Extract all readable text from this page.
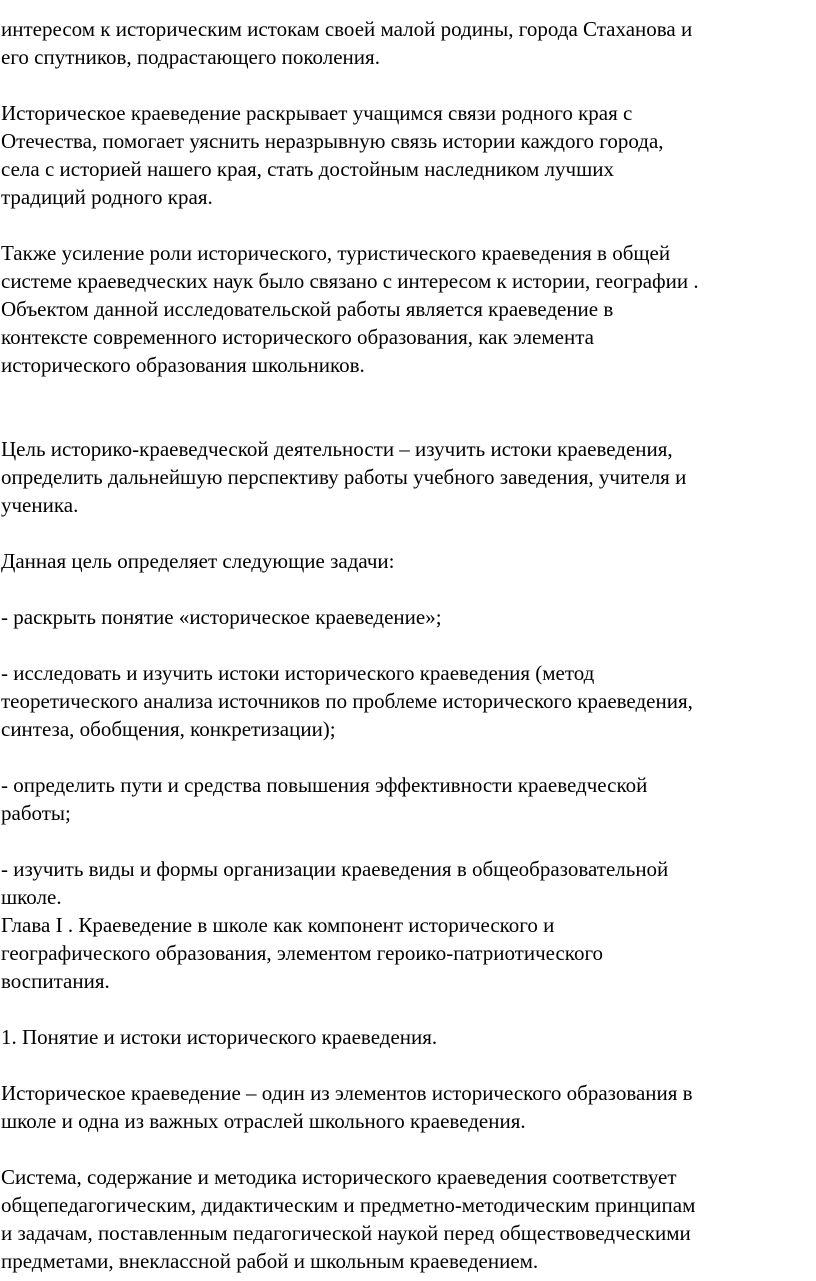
интересом к историческим истокам своей малой родины, города Стаханова и
его спутников, подрастающего поколения.
Историческое краеведение раскрывает учащимся связи родного края с
Отечества, помогает уяснить неразрывную связь истории каждого города,
села с историей нашего края, стать достойным наследником лучших
традиций родного края.
Также усиление роли исторического, туристического краеведения в общей
системе краеведческих наук было связано с интересом к истории, географии .
Объектом данной исследовательской работы является краеведение в
контексте современного исторического образования, как элемента
исторического образования школьников.
Цель историко-краеведческой деятельности – изучить истоки краеведения,
определить дальнейшую перспективу работы учебного заведения, учителя и
ученика.
Данная цель определяет следующие задачи:
- раскрыть понятие «историческое краеведение»;
- исследовать и изучить истоки исторического краеведения (метод
теоретического анализа источников по проблеме исторического краеведения,
синтеза, обобщения, конкретизации);
- определить пути и средства повышения эффективности краеведческой
работы;
- изучить виды и формы организации краеведения в общеобразовательной
школе.
Глава I . Краеведение в школе как компонент исторического и
географического образования, элементом героико-патриотического
воспитания.
1. Понятие и истоки исторического краеведения.
Историческое краеведение – один из элементов исторического образования в
школе и одна из важных отраслей школьного краеведения.
Система, содержание и методика исторического краеведения соответствует
общепедагогическим, дидактическим и предметно-методическим принципам
и задачам, поставленным педагогической наукой перед обществоведческими
предметами, внеклассной рабой и школьным краеведением.
